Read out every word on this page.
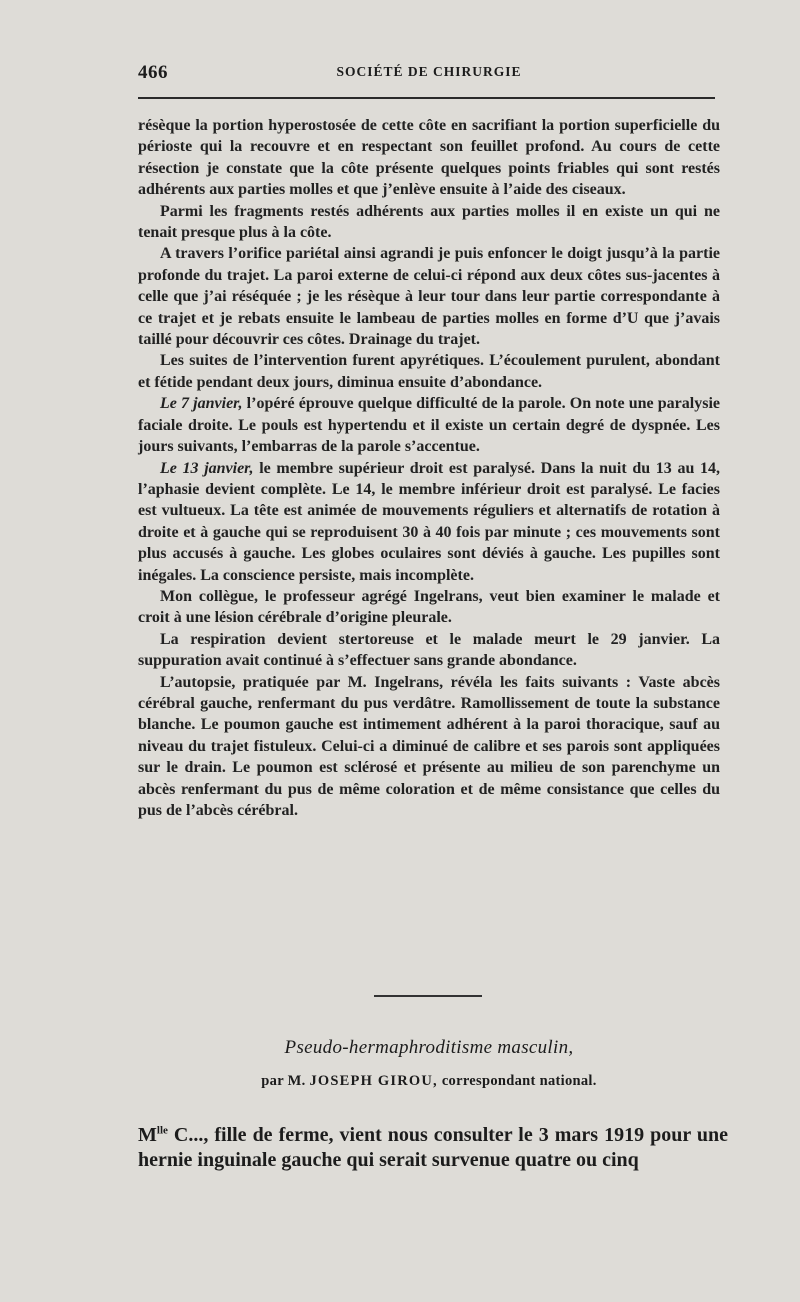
466	SOCIÉTÉ DE CHIRURGIE

résèque la portion hyperostosée de cette côte en sacrifiant la portion superficielle du périoste qui la recouvre et en respectant son feuillet profond. Au cours de cette résection je constate que la côte présente quelques points friables qui sont restés adhérents aux parties molles et que j’enlève ensuite à l’aide des ciseaux.

Parmi les fragments restés adhérents aux parties molles il en existe un qui ne tenait presque plus à la côte.

A travers l’orifice pariétal ainsi agrandi je puis enfoncer le doigt jusqu’à la partie profonde du trajet. La paroi externe de celui-ci répond aux deux côtes sus-jacentes à celle que j’ai réséquée ; je les résèque à leur tour dans leur partie correspondante à ce trajet et je rebats ensuite le lambeau de parties molles en forme d’U que j’avais taillé pour découvrir ces côtes. Drainage du trajet.

Les suites de l’intervention furent apyrétiques. L’écoulement purulent, abondant et fétide pendant deux jours, diminua ensuite d’abondance.

Le 7 janvier, l’opéré éprouve quelque difficulté de la parole. On note une paralysie faciale droite. Le pouls est hypertendu et il existe un certain degré de dyspnée. Les jours suivants, l’embarras de la parole s’accentue.

Le 13 janvier, le membre supérieur droit est paralysé. Dans la nuit du 13 au 14, l’aphasie devient complète. Le 14, le membre inférieur droit est paralysé. Le facies est vultueux. La tête est animée de mouvements réguliers et alternatifs de rotation à droite et à gauche qui se reproduisent 30 à 40 fois par minute ; ces mouvements sont plus accusés à gauche. Les globes oculaires sont déviés à gauche. Les pupilles sont inégales. La conscience persiste, mais incomplète.

Mon collègue, le professeur agrégé Ingelrans, veut bien examiner le malade et croit à une lésion cérébrale d’origine pleurale.

La respiration devient stertoreuse et le malade meurt le 29 janvier. La suppuration avait continué à s’effectuer sans grande abondance.

L’autopsie, pratiquée par M. Ingelrans, révéla les faits suivants : Vaste abcès cérébral gauche, renfermant du pus verdâtre. Ramollissement de toute la substance blanche. Le poumon gauche est intimement adhérent à la paroi thoracique, sauf au niveau du trajet fistuleux. Celui-ci a diminué de calibre et ses parois sont appliquées sur le drain. Le poumon est sclérosé et présente au milieu de son parenchyme un abcès renfermant du pus de même coloration et de même consistance que celles du pus de l’abcès cérébral.

Pseudo-hermaphroditisme masculin,
par M. JOSEPH GIROU, correspondant national.
$M^{lle}$ C..., fille de ferme, vient nous consulter le 3 mars 1919 pour une hernie inguinale gauche qui serait survenue quatre ou cinq
